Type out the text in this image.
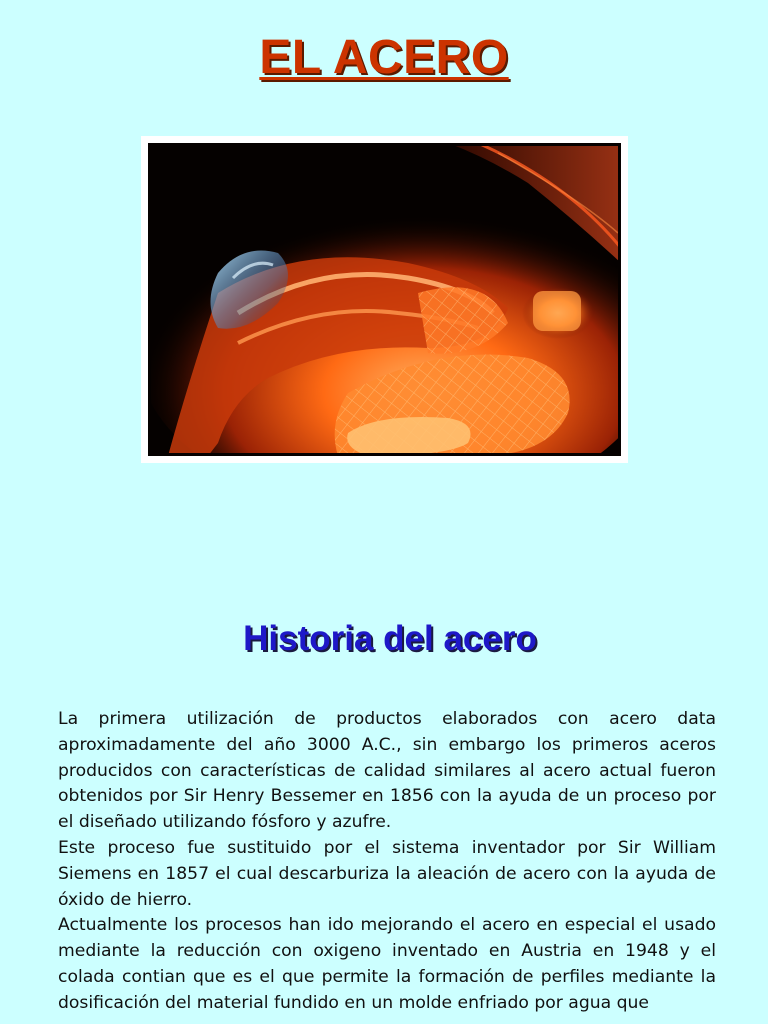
EL ACERO
Historia del acero

La primera utilización de productos elaborados con acero data aproximadamente del año 3000 A.C., sin embargo los primeros aceros producidos con características de calidad similares al acero actual fueron obtenidos por Sir Henry Bessemer en 1856 con la ayuda de un proceso por el diseñado utilizando fósforo y azufre.

Este proceso fue sustituido por el sistema inventador por Sir William Siemens en 1857 el cual descarburiza la aleación de acero con la ayuda de óxido de hierro.

Actualmente los procesos han ido mejorando el acero en especial el usado mediante la reducción con oxigeno inventado en Austria en 1948 y el colada contian que es el que permite la formación de perfiles mediante la dosificación del material fundido en un molde enfriado por agua que
